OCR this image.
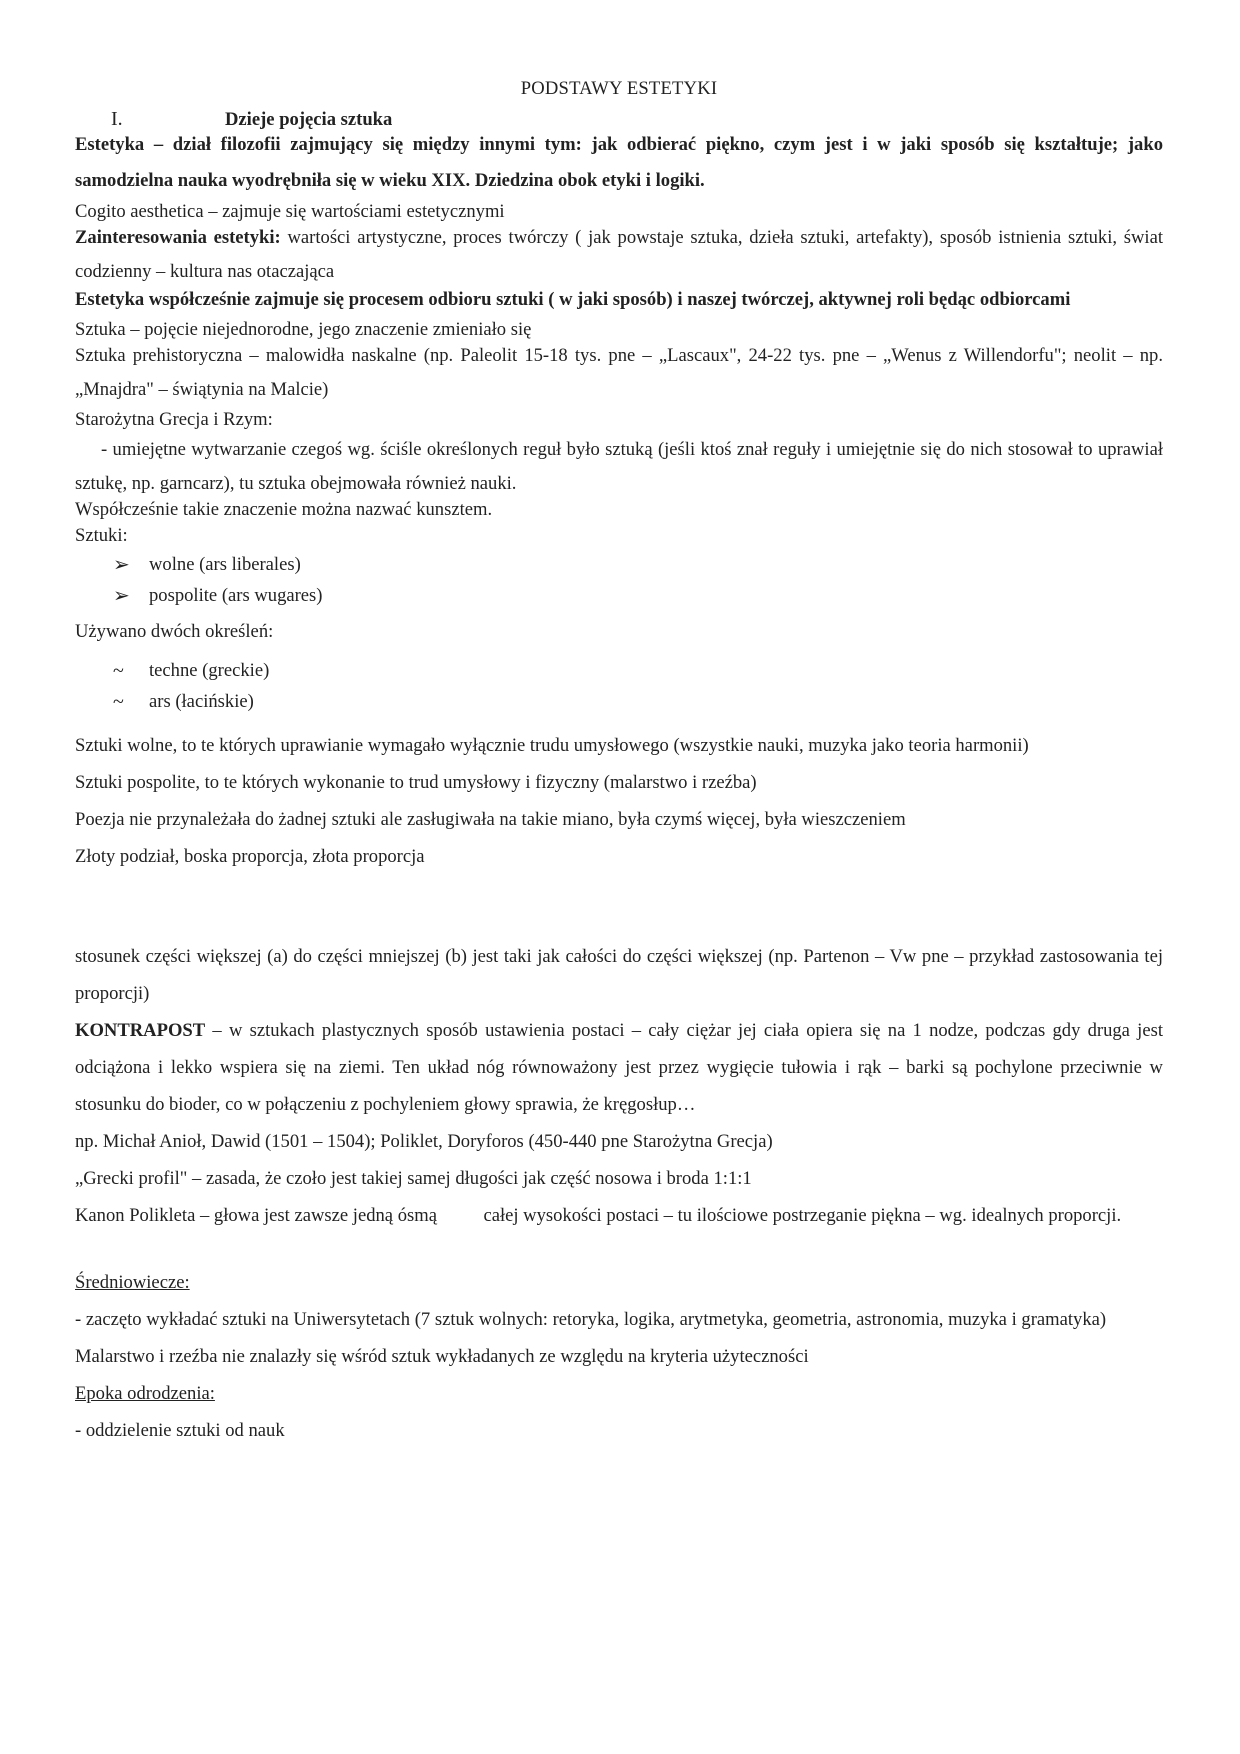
PODSTAWY ESTETYKI

I.	Dzieje pojęcia sztuka

Estetyka – dział filozofii zajmujący się między innymi tym: jak odbierać piękno, czym jest i w jaki sposób się kształtuje; jako samodzielna nauka wyodrębniła się w wieku XIX. Dziedzina obok etyki i logiki.

Cogito aesthetica – zajmuje się wartościami estetycznymi

Zainteresowania estetyki: wartości artystyczne, proces twórczy ( jak powstaje sztuka, dzieła sztuki, artefakty), sposób istnienia sztuki, świat codzienny – kultura nas otaczająca

Estetyka współcześnie zajmuje się procesem odbioru sztuki ( w jaki sposób) i naszej twórczej, aktywnej roli będąc odbiorcami

Sztuka – pojęcie niejednorodne, jego znaczenie zmieniało się

Sztuka prehistoryczna – malowidła naskalne (np. Paleolit 15-18 tys. pne – „Lascaux", 24-22 tys. pne – „Wenus z Willendorfu"; neolit – np. „Mnajdra" – świątynia na Malcie)

Starożytna Grecja i Rzym:

- umiejętne wytwarzanie czegoś wg. ściśle określonych reguł było sztuką (jeśli ktoś znał reguły i umiejętnie się do nich stosował to uprawiał sztukę, np. garncarz), tu sztuka obejmowała również nauki.

Współcześnie takie znaczenie można nazwać kunsztem.

Sztuki:

➢	wolne (ars liberales)
➢	pospolite (ars wugares)

Używano dwóch określeń:

~	techne (greckie)
~	ars (łacińskie)

Sztuki wolne, to te których uprawianie wymagało wyłącznie trudu umysłowego (wszystkie nauki, muzyka jako teoria harmonii)

Sztuki pospolite, to te których wykonanie to trud umysłowy i fizyczny (malarstwo i rzeźba)

Poezja nie przynależała do żadnej sztuki ale zasługiwała na takie miano, była czymś więcej, była wieszczeniem

Złoty podział, boska proporcja, złota proporcja

stosunek części większej (a) do części mniejszej (b) jest taki jak całości do części większej (np. Partenon – Vw pne – przykład zastosowania tej proporcji)

KONTRAPOST – w sztukach plastycznych sposób ustawienia postaci – cały ciężar jej ciała opiera się na 1 nodze, podczas gdy druga jest odciążona i lekko wspiera się na ziemi. Ten układ nóg równoważony jest przez wygięcie tułowia i rąk – barki są pochylone przeciwnie w stosunku do bioder, co w połączeniu z pochyleniem głowy sprawia, że kręgosłup…

np. Michał Anioł, Dawid (1501 – 1504); Poliklet, Doryforos (450-440 pne Starożytna Grecja)

„Grecki profil" – zasada, że czoło jest takiej samej długości jak część nosowa i broda 1:1:1

Kanon Polikleta – głowa jest zawsze jedną ósmą          całej wysokości postaci – tu ilościowe postrzeganie piękna – wg. idealnych proporcji.

Średniowiecze:

- zaczęto wykładać sztuki na Uniwersytetach (7 sztuk wolnych: retoryka, logika, arytmetyka, geometria, astronomia, muzyka i gramatyka)

Malarstwo i rzeźba nie znalazły się wśród sztuk wykładanych ze względu na kryteria użyteczności

Epoka odrodzenia:

- oddzielenie sztuki od nauk
